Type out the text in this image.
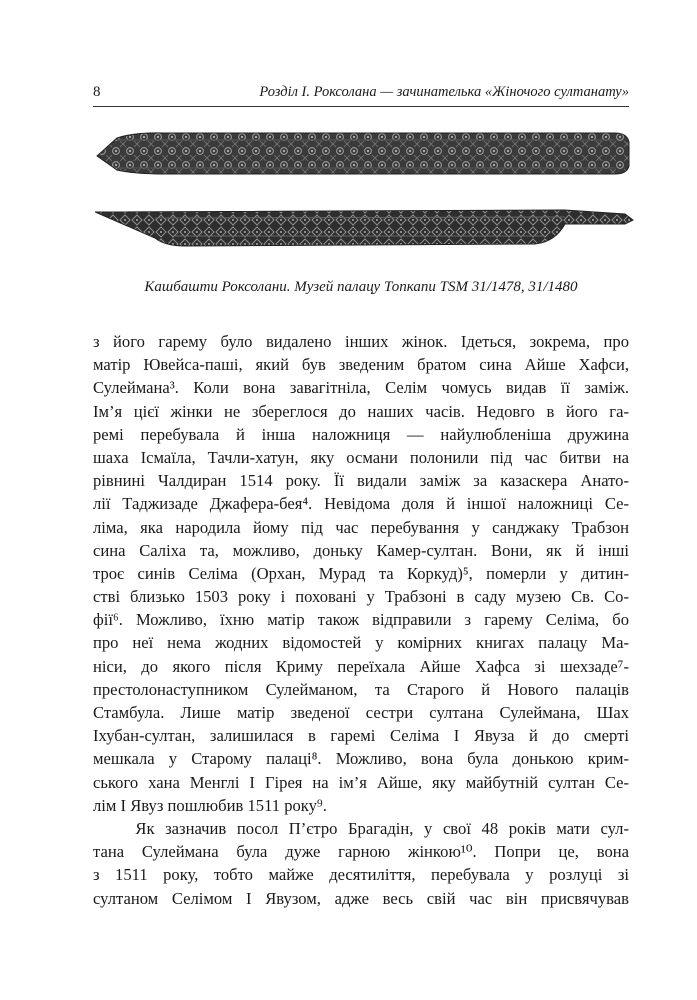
8	Розділ І. Роксолана — зачинателька «Жіночого султанату»
Кашбашти Роксолани. Музей палацу Топкапи TSM 31/1478, 31/1480
з його гарему було видалено інших жінок. Ідеться, зокрема, про
матір Ювейса-паші, який був зведеним братом сина Айше Хафси,
Сулеймана³. Коли вона завагітніла, Селім чомусь видав її заміж.
Ім’я цієї жінки не збереглося до наших часів. Недовго в його га-
ремі перебувала й інша наложниця — найулюбленіша дружина
шаха Ісмаїла, Тачли-хатун, яку османи полонили під час битви на
рівнині Чалдиран 1514 року. Її видали заміж за казаскера Анато-
лії Таджизаде Джафера-бея⁴. Невідома доля й іншої наложниці Се-
ліма, яка народила йому під час перебування у санджаку Трабзон
сина Саліха та, можливо, доньку Камер-султан. Вони, як й інші
троє синів Селіма (Орхан, Мурад та Коркуд)⁵, померли у дитин-
стві близько 1503 року і поховані у Трабзоні в саду музею Св. Со-
фії⁶. Можливо, їхню матір також відправили з гарему Селіма, бо
про неї нема жодних відомостей у комірних книгах палацу Ма-
ніси, до якого після Криму переїхала Айше Хафса зі шехзаде⁷-
престолонаступником Сулейманом, та Старого й Нового палаців
Стамбула. Лише матір зведеної сестри султана Сулеймана, Шах
Іхубан-султан, залишилася в гаремі Селіма І Явуза й до смерті
мешкала у Старому палаці⁸. Можливо, вона була донькою крим-
ського хана Менглі І Гірея на ім’я Айше, яку майбутній султан Се-
лім І Явуз пошлюбив 1511 року⁹.
Як зазначив посол П’єтро Брагадін, у свої 48 років мати сул-
тана Сулеймана була дуже гарною жінкою¹⁰. Попри це, вона
з 1511 року, тобто майже десятиліття, перебувала у розлуці зі
султаном Селімом І Явузом, адже весь свій час він присвячував
